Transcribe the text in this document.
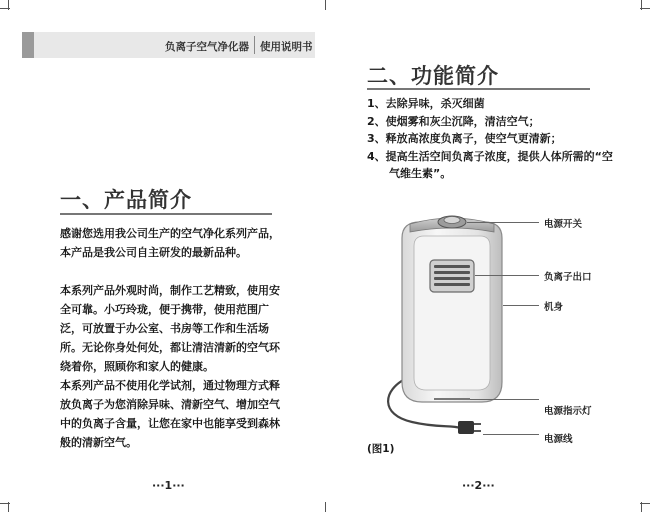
负离子空气净化器 使用说明书
一、产品简介

感谢您选用我公司生产的空气净化系列产品，本产品是我公司自主研发的最新品种。

本系列产品外观时尚，制作工艺精致，使用安全可靠。小巧玲珑，便于携带，使用范围广泛，可放置于办公室、书房等工作和生活场所。无论你身处何处，都让清洁清新的空气环绕着你，照顾你和家人的健康。

本系列产品不使用化学试剂，通过物理方式释放负离子为您消除异味、清新空气、增加空气中的负离子含量，让您在家中也能享受到森林般的清新空气。

···1···
二、功能简介
1、去除异味，杀灭细菌
2、使烟雾和灰尘沉降，清洁空气；
3、释放高浓度负离子，使空气更清新；
4、提高生活空间负离子浓度，提供人体所需的“空气维生素”。
电源开关
负离子出口
机身
电源指示灯
电源线
(图1)
···2···
